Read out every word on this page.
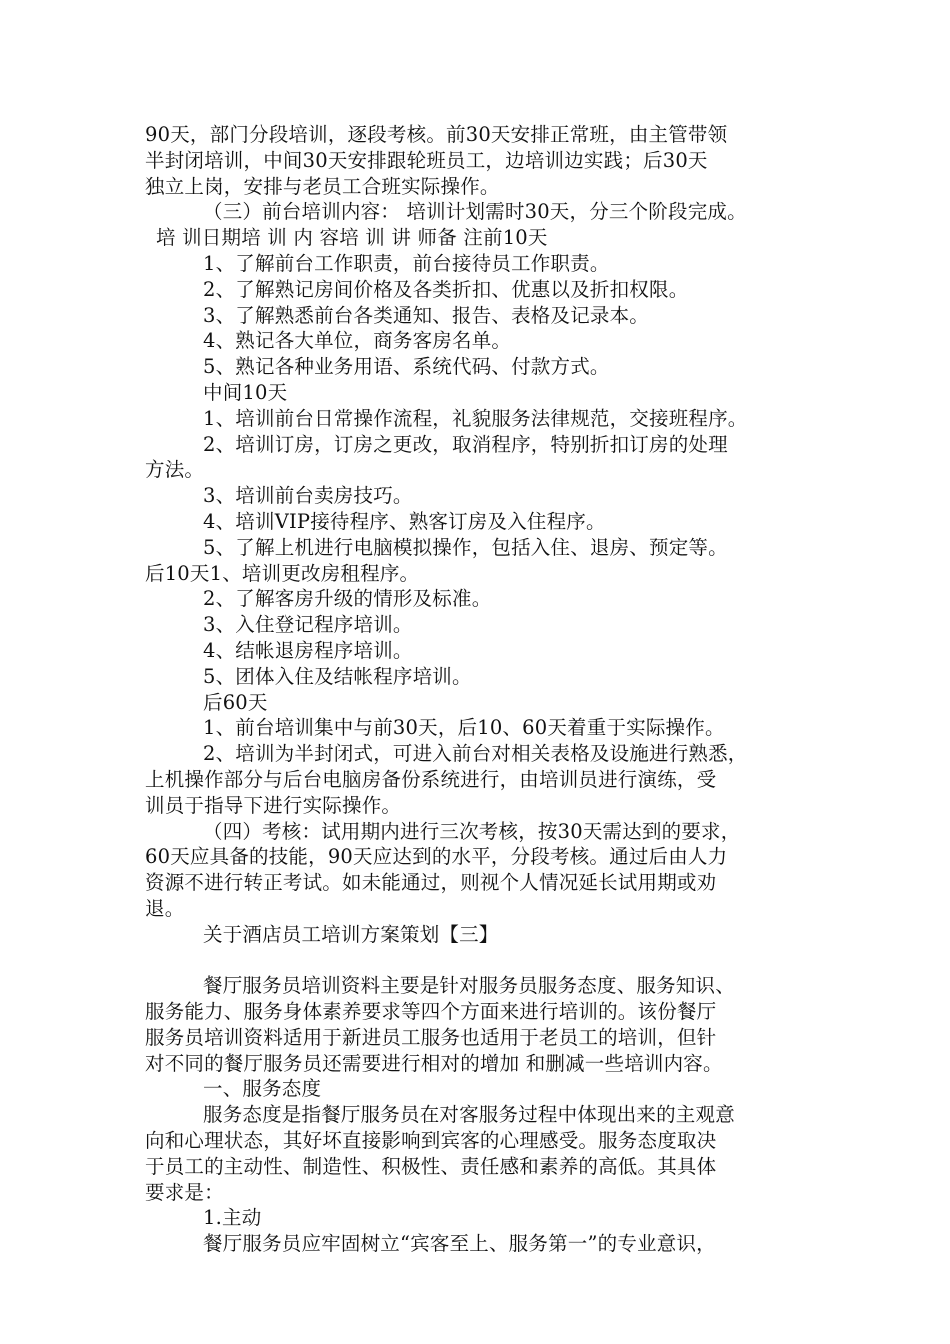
90天，部门分段培训，逐段考核。前30天安排正常班，由主管带领
半封闭培训，中间30天安排跟轮班员工，边培训边实践；后30天
独立上岗，安排与老员工合班实际操作。
（三）前台培训内容： 培训计划需时30天，分三个阶段完成。
培 训日期培 训 内 容培 训 讲 师备 注前10天
1、了解前台工作职责，前台接待员工作职责。
2、了解熟记房间价格及各类折扣、优惠以及折扣权限。
3、了解熟悉前台各类通知、报告、表格及记录本。
4、熟记各大单位，商务客房名单。
5、熟记各种业务用语、系统代码、付款方式。
中间10天
1、培训前台日常操作流程，礼貌服务法律规范，交接班程序。
2、培训订房，订房之更改，取消程序，特别折扣订房的处理
方法。
3、培训前台卖房技巧。
4、培训VIP接待程序、熟客订房及入住程序。
5、了解上机进行电脑模拟操作，包括入住、退房、预定等。
后10天1、培训更改房租程序。
2、了解客房升级的情形及标准。
3、入住登记程序培训。
4、结帐退房程序培训。
5、团体入住及结帐程序培训。
后60天
1、前台培训集中与前30天，后10、60天着重于实际操作。
2、培训为半封闭式，可进入前台对相关表格及设施进行熟悉，
上机操作部分与后台电脑房备份系统进行，由培训员进行演练，受
训员于指导下进行实际操作。
（四）考核：试用期内进行三次考核，按30天需达到的要求，
60天应具备的技能，90天应达到的水平，分段考核。通过后由人力
资源不进行转正考试。如未能通过，则视个人情况延长试用期或劝
退。
关于酒店员工培训方案策划【三】
餐厅服务员培训资料主要是针对服务员服务态度、服务知识、
服务能力、服务身体素养要求等四个方面来进行培训的。该份餐厅
服务员培训资料适用于新进员工服务也适用于老员工的培训，但针
对不同的餐厅服务员还需要进行相对的增加 和删减一些培训内容。
一、服务态度
服务态度是指餐厅服务员在对客服务过程中体现出来的主观意
向和心理状态，其好坏直接影响到宾客的心理感受。服务态度取决
于员工的主动性、制造性、积极性、责任感和素养的高低。其具体
要求是：
1.主动
餐厅服务员应牢固树立“宾客至上、服务第一”的专业意识，
